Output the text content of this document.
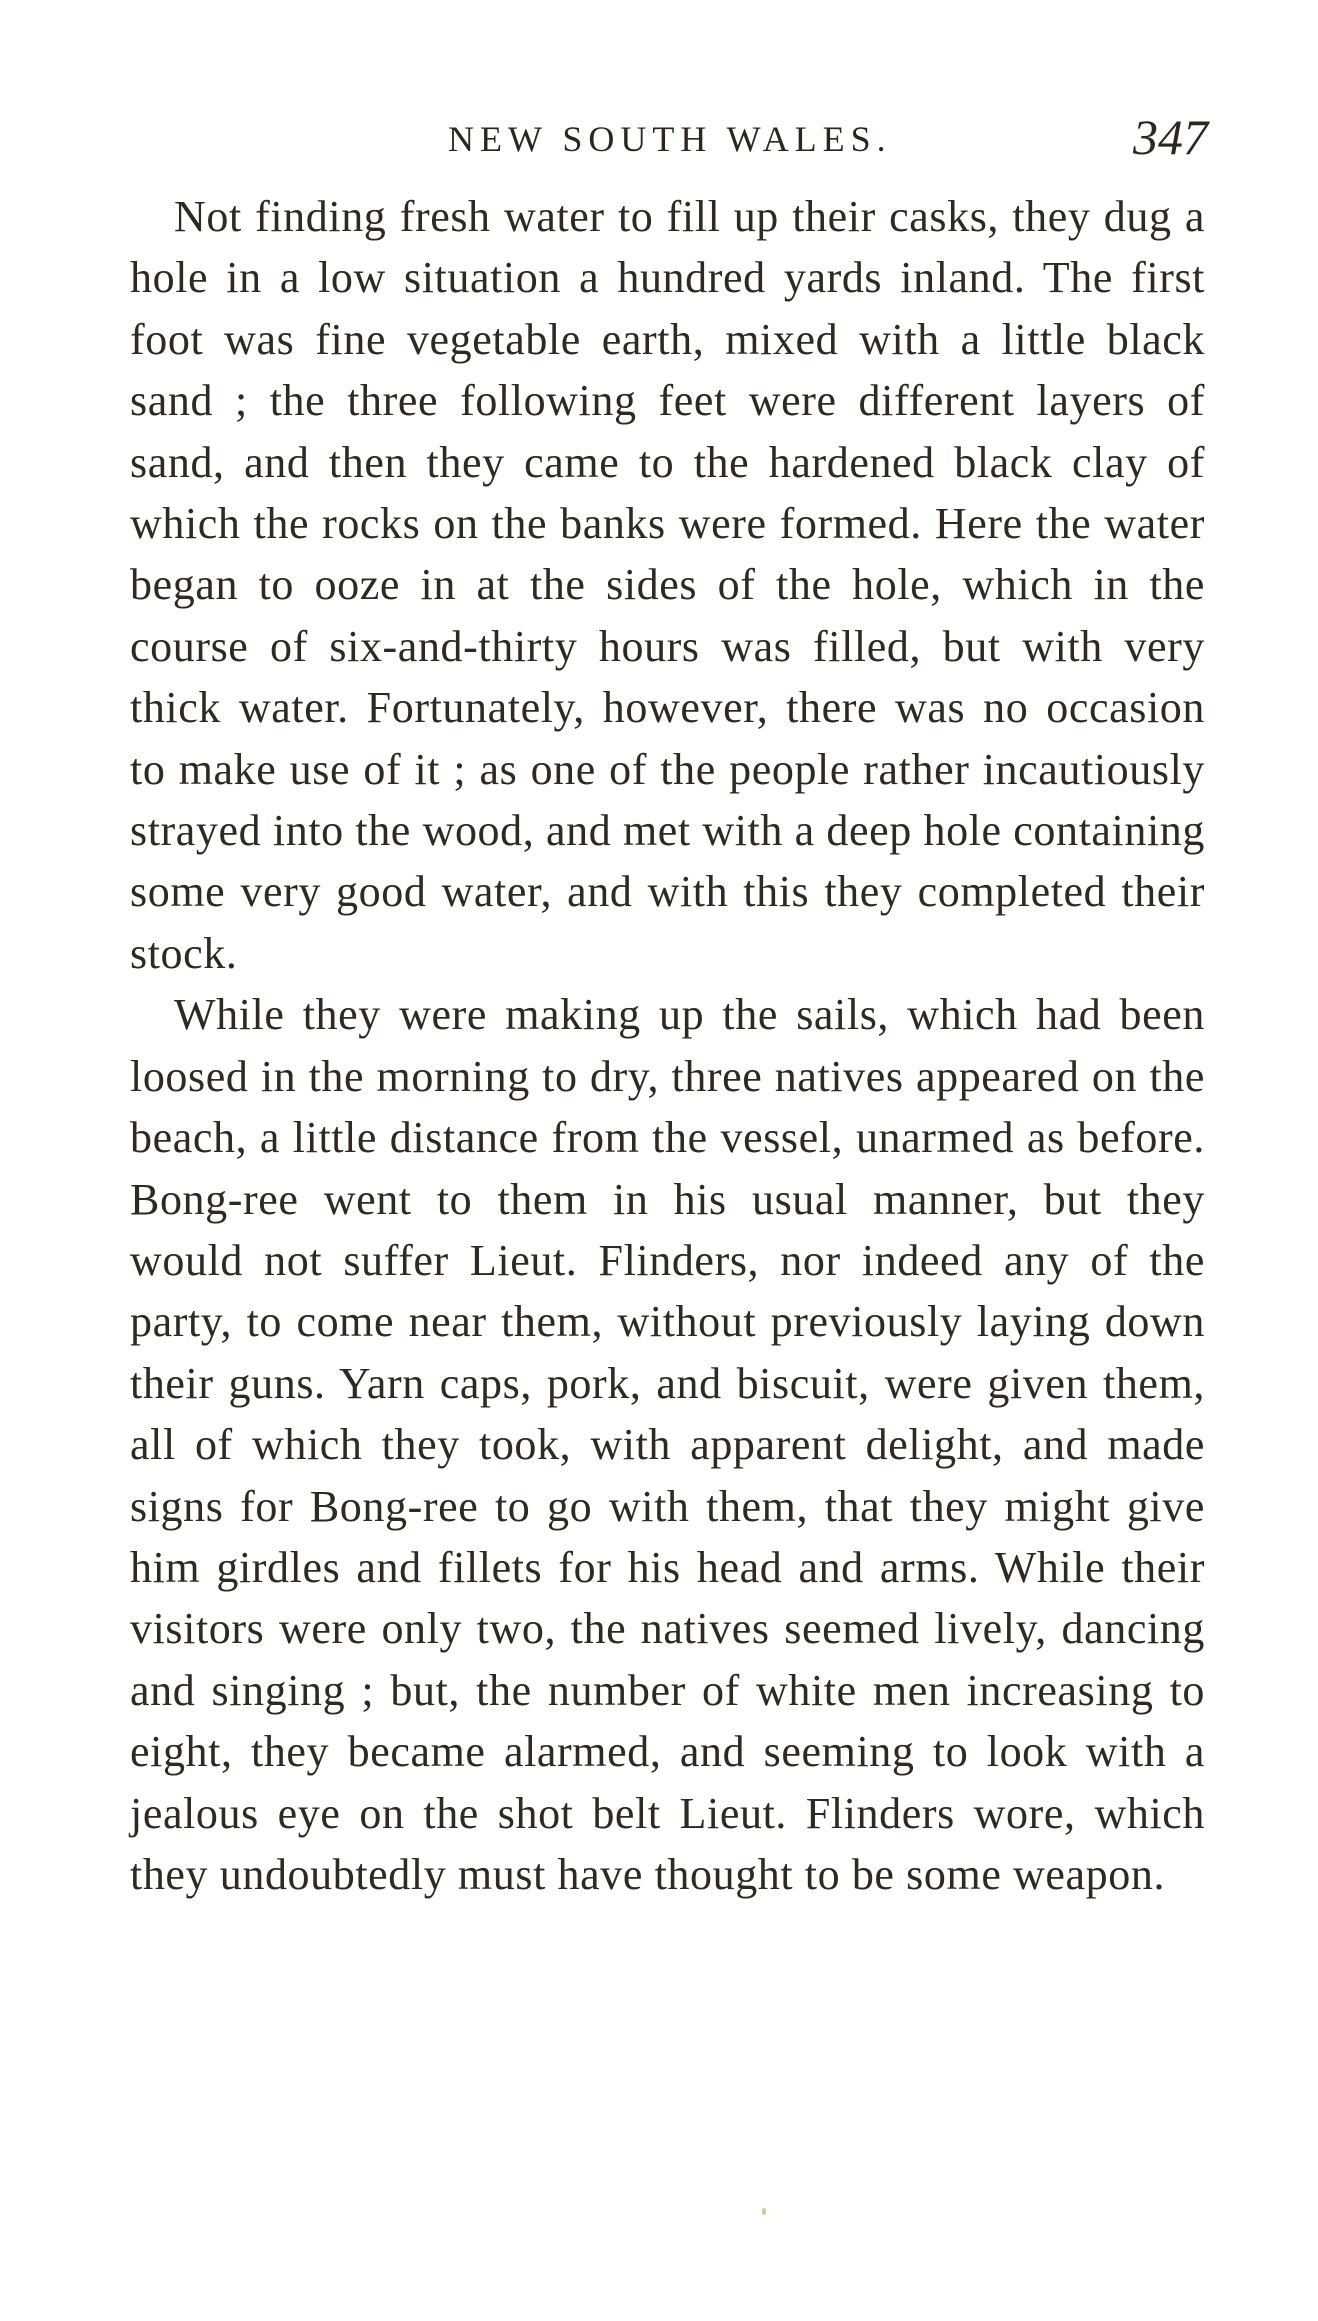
NEW SOUTH WALES.	347

Not finding fresh water to fill up their casks, they dug a hole in a low situation a hundred yards inland. The first foot was fine vegetable earth, mixed with a little black sand ; the three following feet were different layers of sand, and then they came to the hardened black clay of which the rocks on the banks were formed. Here the water began to ooze in at the sides of the hole, which in the course of six-and-thirty hours was filled, but with very thick water. Fortunately, however, there was no occasion to make use of it ; as one of the people rather incautiously strayed into the wood, and met with a deep hole containing some very good water, and with this they completed their stock.

While they were making up the sails, which had been loosed in the morning to dry, three natives appeared on the beach, a little distance from the vessel, unarmed as before. Bong-ree went to them in his usual manner, but they would not suffer Lieut. Flinders, nor indeed any of the party, to come near them, without previously laying down their guns. Yarn caps, pork, and biscuit, were given them, all of which they took, with apparent delight, and made signs for Bong-ree to go with them, that they might give him girdles and fillets for his head and arms. While their visitors were only two, the natives seemed lively, dancing and singing ; but, the number of white men increasing to eight, they became alarmed, and seeming to look with a jealous eye on the shot belt Lieut. Flinders wore, which they undoubtedly must have thought to be some weapon.
